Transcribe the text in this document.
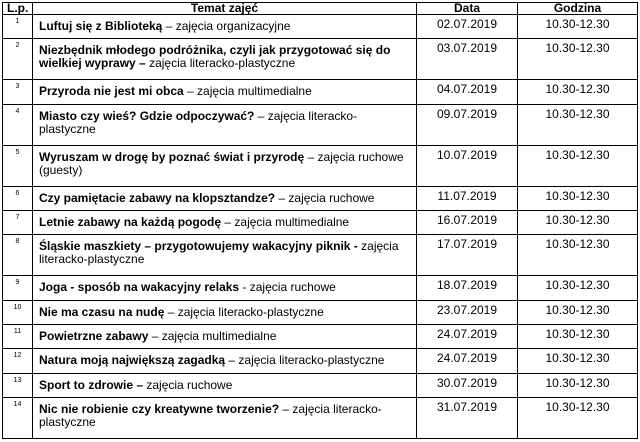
L.p.	Temat zajęć	Data	Godzina
1	Luftuj się z Biblioteką – zajęcia organizacyjne	02.07.2019	10.30-12.30
2	Niezbędnik młodego podróżnika, czyli jak przygotować się do wielkiej wyprawy – zajęcia literacko-plastyczne	03.07.2019	10.30-12.30
3	Przyroda nie jest mi obca – zajęcia multimedialne	04.07.2019	10.30-12.30
4	Miasto czy wieś? Gdzie odpoczywać? – zajęcia literacko-plastyczne	09.07.2019	10.30-12.30
5	Wyruszam w drogę by poznać świat i przyrodę – zajęcia ruchowe (guesty)	10.07.2019	10.30-12.30
6	Czy pamiętacie zabawy na klopsztandze? – zajęcia ruchowe	11.07.2019	10.30-12.30
7	Letnie zabawy na każdą pogodę – zajęcia multimedialne	16.07.2019	10.30-12.30
8	Śląskie maszkiety – przygotowujemy wakacyjny piknik - zajęcia literacko-plastyczne	17.07.2019	10.30-12.30
9	Joga - sposób na wakacyjny relaks - zajęcia ruchowe	18.07.2019	10.30-12.30
10	Nie ma czasu na nudę – zajęcia literacko-plastyczne	23.07.2019	10.30-12.30
11	Powietrzne zabawy – zajęcia multimedialne	24.07.2019	10.30-12.30
12	Natura moją największą zagadką – zajęcia literacko-plastyczne	24.07.2019	10.30-12.30
13	Sport to zdrowie – zajęcia ruchowe	30.07.2019	10.30-12.30
14	Nic nie robienie czy kreatywne tworzenie? – zajęcia literacko-plastyczne	31.07.2019	10.30-12.30
